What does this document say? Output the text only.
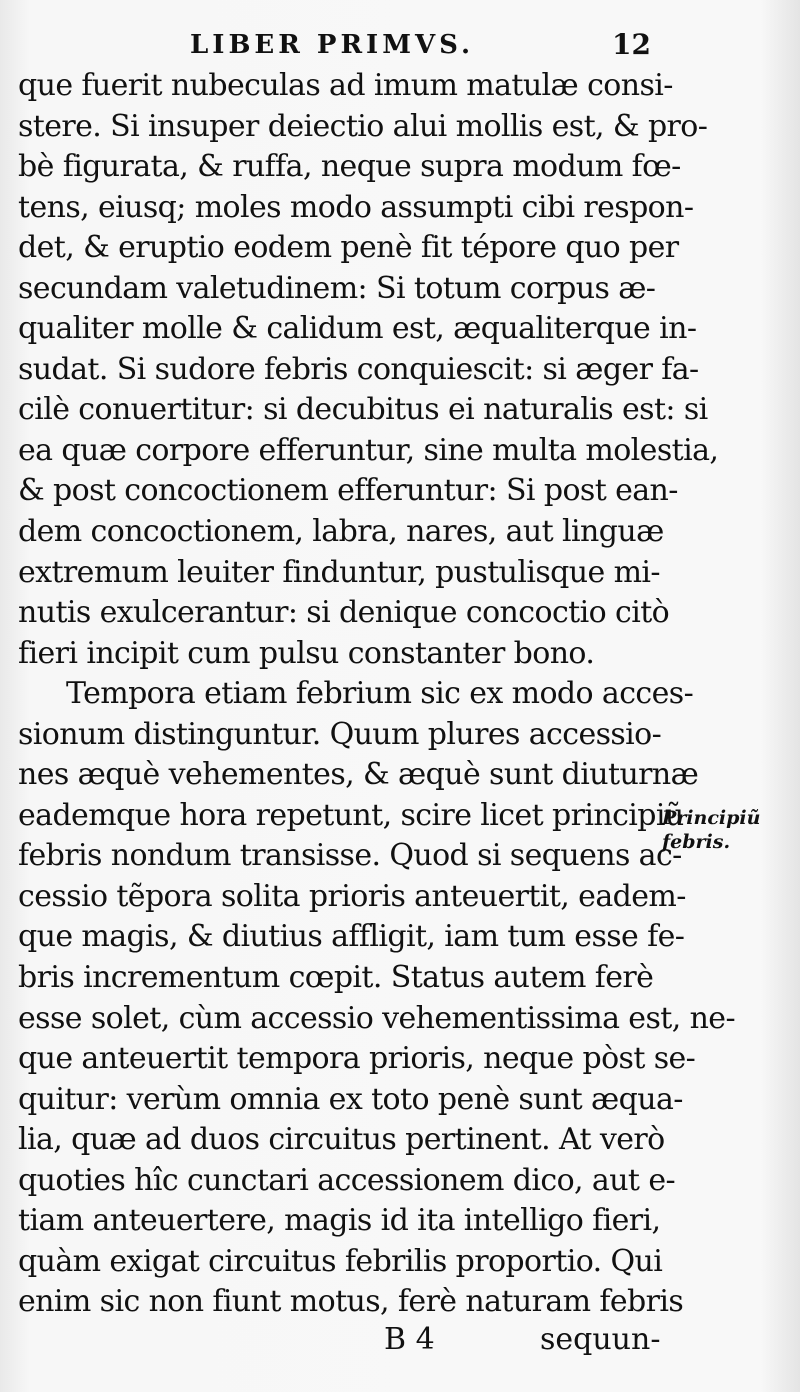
LIBER PRIMVS.	12
que fuerit nubeculas ad imum matulæ consi-
stere. Si insuper deiectio alui mollis est, & pro-
bè figurata, & ruffa, neque supra modum fœ-
tens, eiusq; moles modo assumpti cibi respon-
det, & eruptio eodem penè fit tépore quo per
secundam valetudinem: Si totum corpus æ-
qualiter molle & calidum est, æqualiterque in-
sudat. Si sudore febris conquiescit: si æger fa-
cilè conuertitur: si decubitus ei naturalis est: si
ea quæ corpore efferuntur, sine multa molestia,
& post concoctionem efferuntur: Si post ean-
dem concoctionem, labra, nares, aut linguæ
extremum leuiter finduntur, pustulisque mi-
nutis exulcerantur: si denique concoctio citò
fieri incipit cum pulsu constanter bono.
Tempora etiam febrium sic ex modo acces-
sionum distinguntur. Quum plures accessio-
nes æquè vehementes, & æquè sunt diuturnæ
eademque hora repetunt, scire licet principiũ
febris nondum transisse. Quod si sequens ac-
cessio tẽpora solita prioris anteuertit, eadem-
que magis, & diutius affligit, iam tum esse fe-
bris incrementum cœpit. Status autem ferè
esse solet, cùm accessio vehementissima est, ne-
que anteuertit tempora prioris, neque pòst se-
quitur: verùm omnia ex toto penè sunt æqua-
lia, quæ ad duos circuitus pertinent. At verò
quoties hîc cunctari accessionem dico, aut e-
tiam anteuertere, magis id ita intelligo fieri,
quàm exigat circuitus febrilis proportio. Qui
enim sic non fiunt motus, ferè naturam febris
Principiũ
febris.
B 4	sequun-
